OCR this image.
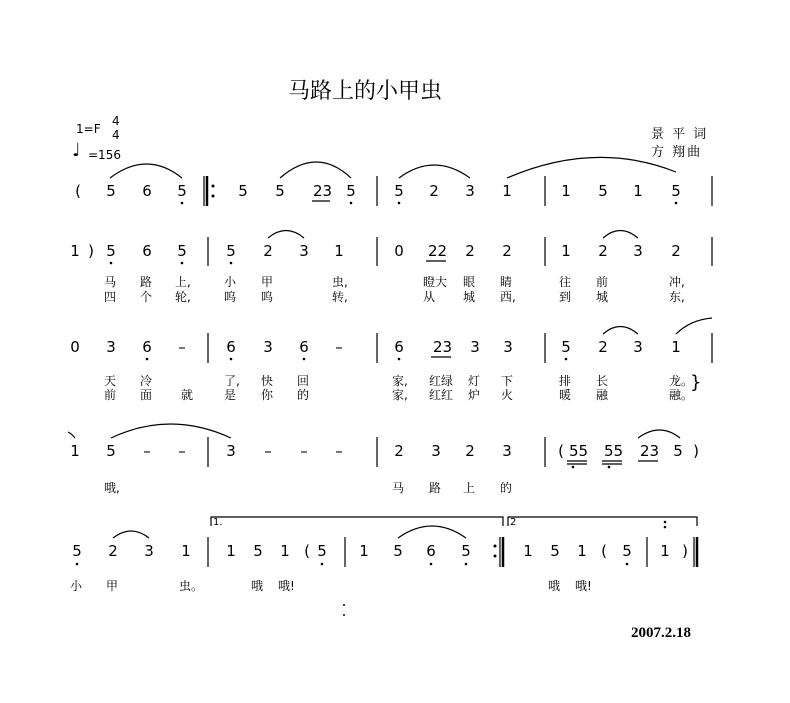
马路上的小甲虫
1=F
4
4
♩ =156
景 平 词
方 翔曲
2007.2.18
(	5 6 5	5 5 23 5	5 2 3 1	1 5 1 5
1 ) 5 6 5	5 2 3 1	0 22 2 2	1 2 3 2
马 路 上,	小 甲	虫,	瞪大 眼 睛	往 前	冲,
四 个 轮,	呜 呜	转,	从 城 西,	到 城	东,
0 3 6 –	6 3 6 –	6 23 3 3	5 2 3 1
天 冷	了, 快 回	家, 红绿 灯 下	排 长	龙。
前 面 就	是 你 的	家, 红红 炉 火	暖 融	融。
}
1 5 – –	3 – – –	2 3 2 3	( 55 55 23 5 )
哦,	马 路 上 的
5 2 3 1 1 5 1 ( 5 1 5 6 5	1 5 1 (	5 1 )
1.	2
小 甲	虫。	哦 哦!	哦 哦!
